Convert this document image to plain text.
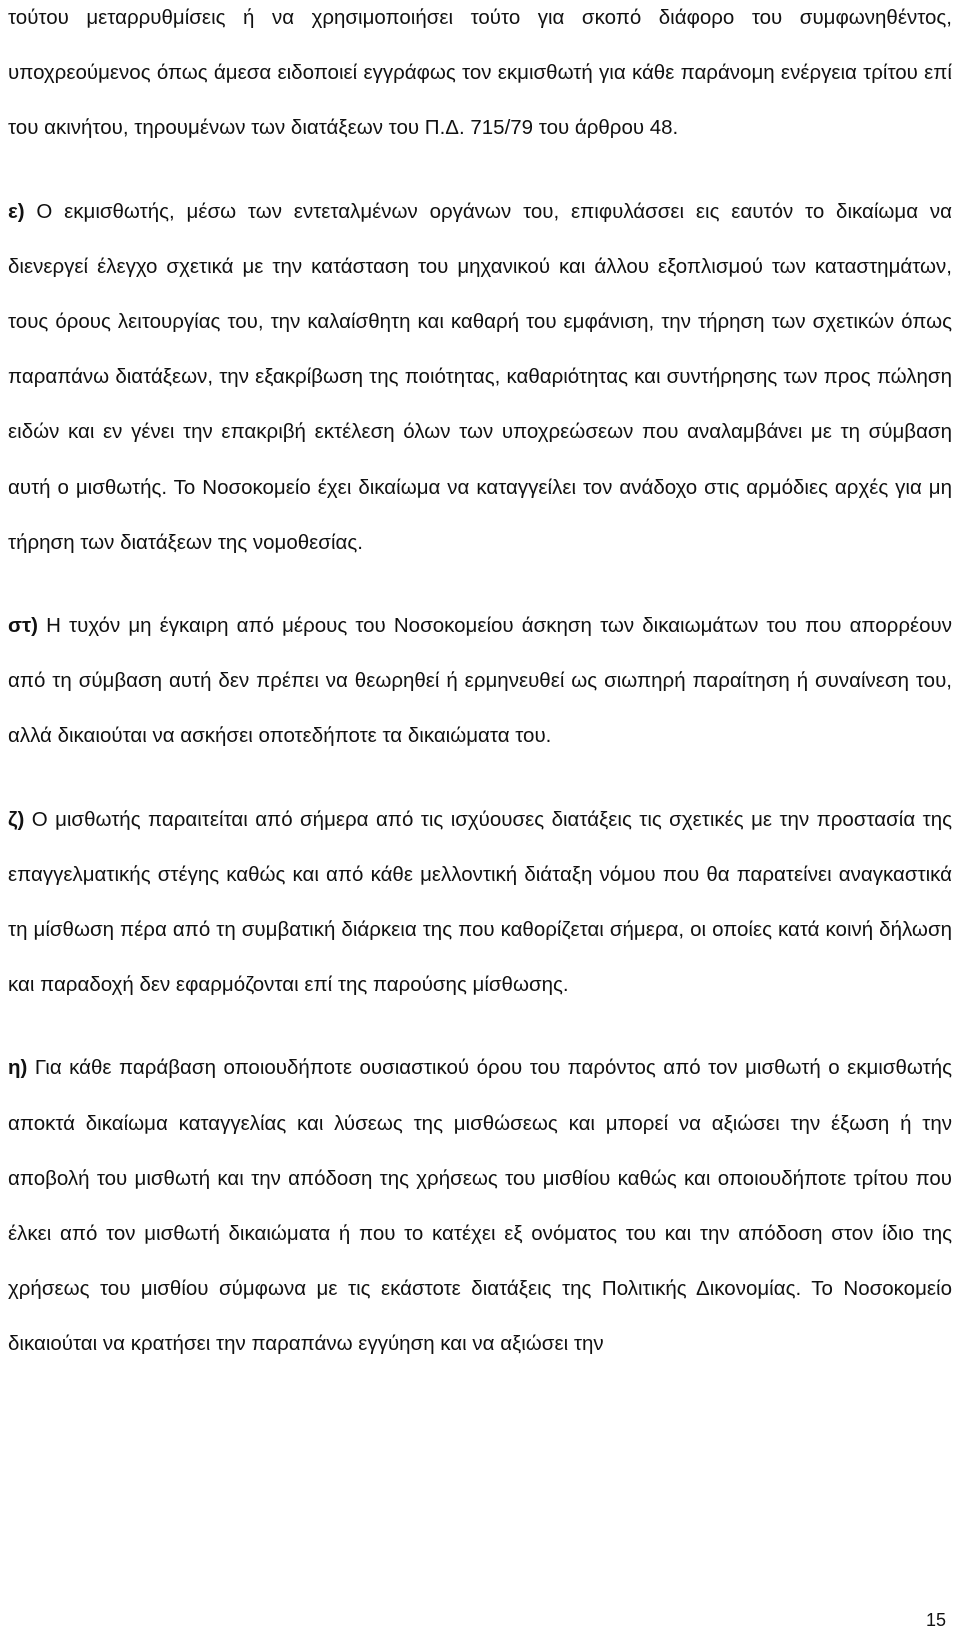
τούτου μεταρρυθμίσεις ή να χρησιμοποιήσει τούτο για σκοπό διάφορο του συμφωνηθέντος, υποχρεούμενος όπως άμεσα ειδοποιεί εγγράφως τον εκμισθωτή για κάθε παράνομη ενέργεια τρίτου επί του ακινήτου, τηρουμένων των διατάξεων του Π.Δ. 715/79 του άρθρου 48.

ε) Ο εκμισθωτής, μέσω των εντεταλμένων οργάνων του, επιφυλάσσει εις εαυτόν το δικαίωμα να διενεργεί έλεγχο σχετικά με την κατάσταση του μηχανικού και άλλου εξοπλισμού των καταστημάτων, τους όρους λειτουργίας του, την καλαίσθητη και καθαρή του εμφάνιση, την τήρηση των σχετικών όπως παραπάνω διατάξεων, την εξακρίβωση της ποιότητας, καθαριότητας και συντήρησης των προς πώληση ειδών και εν γένει την επακριβή εκτέλεση όλων των υποχρεώσεων που αναλαμβάνει με τη σύμβαση αυτή ο μισθωτής. Το Νοσοκομείο έχει δικαίωμα να καταγγείλει τον ανάδοχο στις αρμόδιες αρχές για μη τήρηση των διατάξεων της νομοθεσίας.

στ) Η τυχόν μη έγκαιρη από μέρους του Νοσοκομείου άσκηση των δικαιωμάτων του που απορρέουν από τη σύμβαση αυτή δεν πρέπει να θεωρηθεί ή ερμηνευθεί ως σιωπηρή παραίτηση ή συναίνεση του, αλλά δικαιούται να ασκήσει οποτεδήποτε τα δικαιώματα του.

ζ) Ο μισθωτής παραιτείται από σήμερα από τις ισχύουσες διατάξεις τις σχετικές με την προστασία της επαγγελματικής στέγης καθώς και από κάθε μελλοντική διάταξη νόμου που θα παρατείνει αναγκαστικά τη μίσθωση πέρα από τη συμβατική διάρκεια της που καθορίζεται σήμερα, οι οποίες κατά κοινή δήλωση και παραδοχή δεν εφαρμόζονται επί της παρούσης μίσθωσης.

η) Για κάθε παράβαση οποιουδήποτε ουσιαστικού όρου του παρόντος από τον μισθωτή ο εκμισθωτής αποκτά δικαίωμα καταγγελίας και λύσεως της μισθώσεως και μπορεί να αξιώσει την έξωση ή την αποβολή του μισθωτή και την απόδοση της χρήσεως του μισθίου καθώς και οποιουδήποτε τρίτου που έλκει από τον μισθωτή δικαιώματα ή που το κατέχει εξ ονόματος του και την απόδοση στον ίδιο της χρήσεως του μισθίου σύμφωνα με τις εκάστοτε διατάξεις της Πολιτικής Δικονομίας. Το Νοσοκομείο δικαιούται να κρατήσει την παραπάνω εγγύηση και να αξιώσει την

15
